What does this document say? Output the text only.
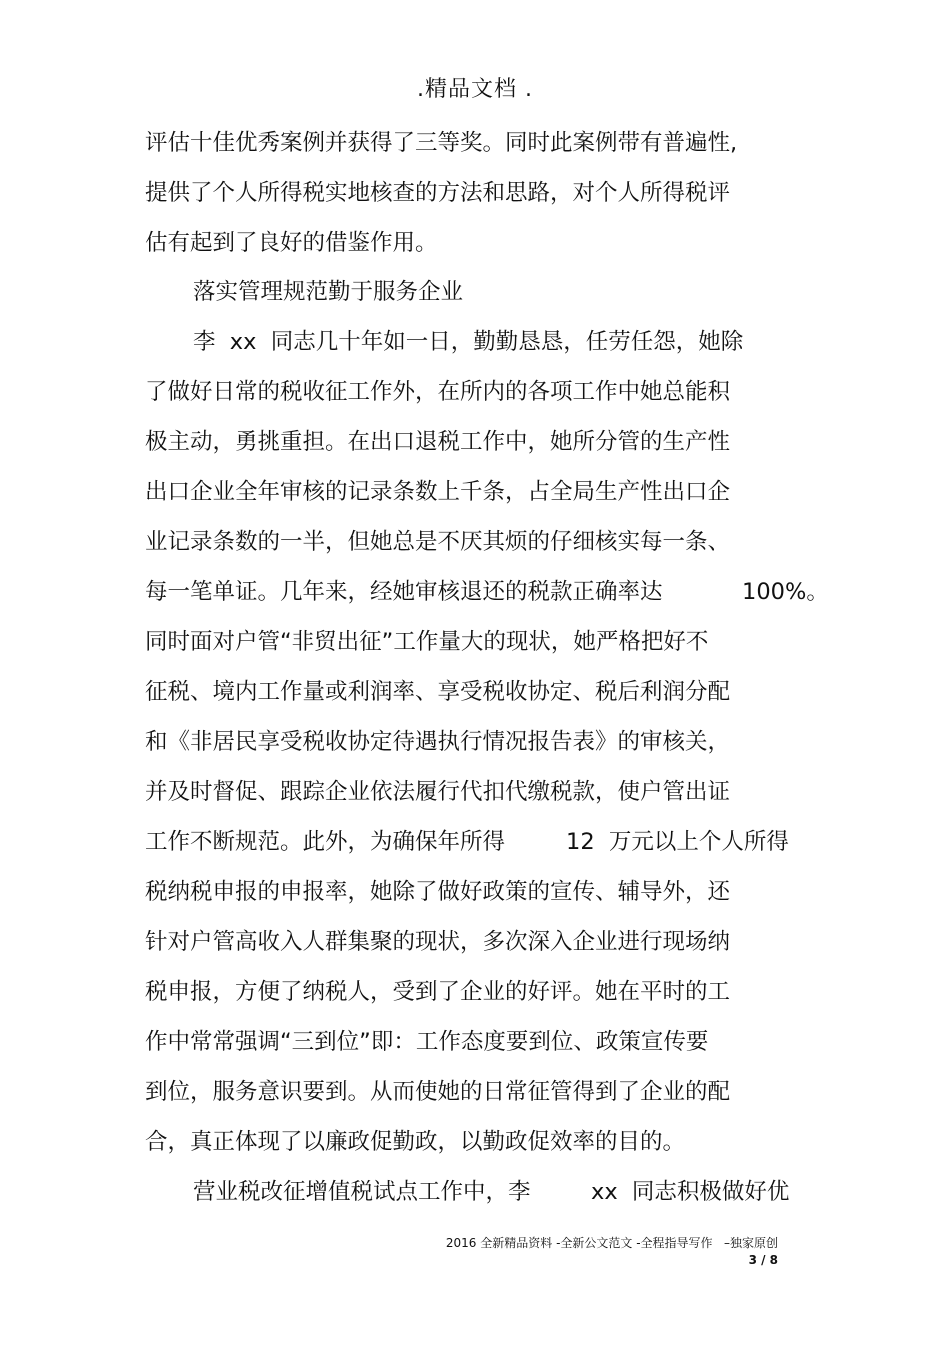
.精品文档 .
评估十佳优秀案例并获得了三等奖。同时此案例带有普遍性,
提供了个人所得税实地核查的方法和思路，对个人所得税评
估有起到了良好的借鉴作用。
落实管理规范勤于服务企业
李  xx  同志几十年如一日，勤勤恳恳，任劳任怨，她除
了做好日常的税收征工作外，在所内的各项工作中她总能积
极主动，勇挑重担。在出口退税工作中，她所分管的生产性
出口企业全年审核的记录条数上千条，占全局生产性出口企
业记录条数的一半，但她总是不厌其烦的仔细核实每一条、
每一笔单证。几年来，经她审核退还的税款正确率达	100%。
同时面对户管“非贸出征”工作量大的现状，她严格把好不
征税、境内工作量或利润率、享受税收协定、税后利润分配
和《非居民享受税收协定待遇执行情况报告表》的审核关，
并及时督促、跟踪企业依法履行代扣代缴税款，使户管出证
工作不断规范。此外，为确保年所得	12  万元以上个人所得
税纳税申报的申报率，她除了做好政策的宣传、辅导外，还
针对户管高收入人群集聚的现状，多次深入企业进行现场纳
税申报，方便了纳税人，受到了企业的好评。她在平时的工
作中常常强调“三到位”即：工作态度要到位、政策宣传要
到位，服务意识要到。从而使她的日常征管得到了企业的配
合，真正体现了以廉政促勤政，以勤政促效率的目的。
营业税改征增值税试点工作中，李	xx  同志积极做好优
2016 全新精品资料 -全新公文范文 -全程指导写作   –独家原创
3 / 8
